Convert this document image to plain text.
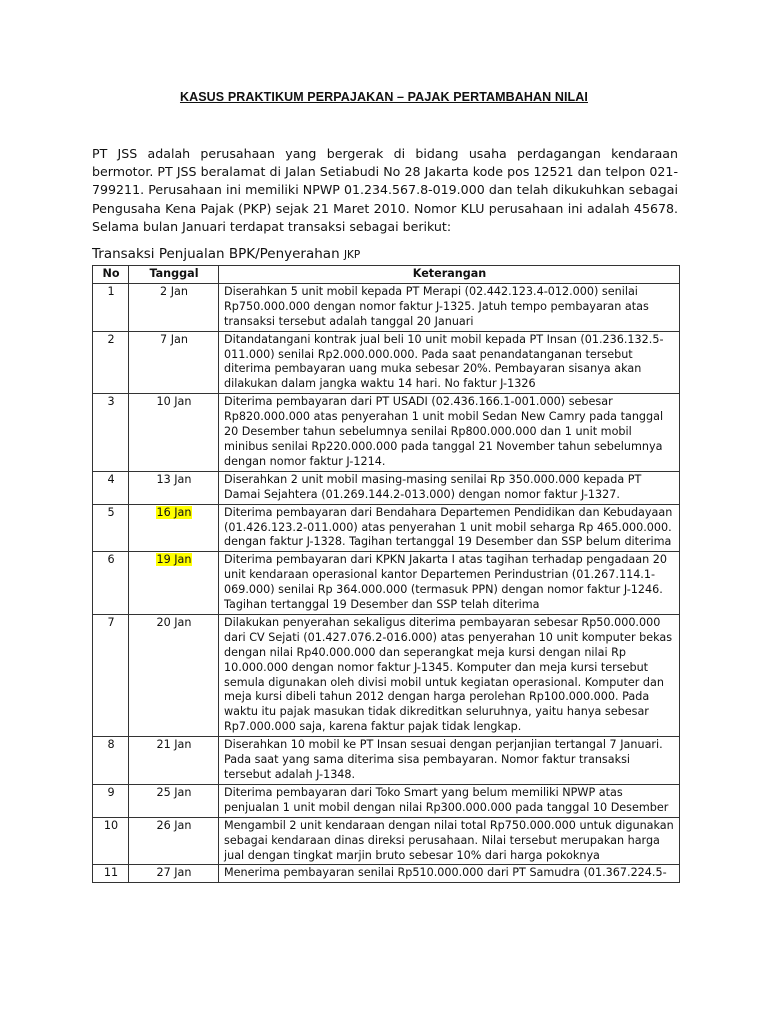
KASUS PRAKTIKUM PERPAJAKAN – PAJAK PERTAMBAHAN NILAI

PT JSS adalah perusahaan yang bergerak di bidang usaha perdagangan kendaraan bermotor. PT JSS beralamat di Jalan Setiabudi No 28 Jakarta kode pos 12521 dan telpon 021-799211. Perusahaan ini memiliki NPWP 01.234.567.8-019.000 dan telah dikukuhkan sebagai Pengusaha Kena Pajak (PKP) sejak 21 Maret 2010. Nomor KLU perusahaan ini adalah 45678. Selama bulan Januari terdapat transaksi sebagai berikut:

Transaksi Penjualan BPK/Penyerahan JKP
No	Tanggal	Keterangan
1	2 Jan	Diserahkan 5 unit mobil kepada PT Merapi (02.442.123.4-012.000) senilai Rp750.000.000 dengan nomor faktur J-1325. Jatuh tempo pembayaran atas transaksi tersebut adalah tanggal 20 Januari
2	7 Jan	Ditandatangani kontrak jual beli 10 unit mobil kepada PT Insan (01.236.132.5-011.000) senilai Rp2.000.000.000. Pada saat penandatanganan tersebut diterima pembayaran uang muka sebesar 20%. Pembayaran sisanya akan dilakukan dalam jangka waktu 14 hari. No faktur J-1326
3	10 Jan	Diterima pembayaran dari PT USADI (02.436.166.1-001.000) sebesar Rp820.000.000 atas penyerahan 1 unit mobil Sedan New Camry pada tanggal 20 Desember tahun sebelumnya senilai Rp800.000.000 dan 1 unit mobil minibus senilai Rp220.000.000 pada tanggal 21 November tahun sebelumnya dengan nomor faktur J-1214.
4	13 Jan	Diserahkan 2 unit mobil masing-masing senilai Rp 350.000.000 kepada PT Damai Sejahtera (01.269.144.2-013.000) dengan nomor faktur J-1327.
5	16 Jan	Diterima pembayaran dari Bendahara Departemen Pendidikan dan Kebudayaan (01.426.123.2-011.000) atas penyerahan 1 unit mobil seharga Rp 465.000.000. dengan faktur J-1328. Tagihan tertanggal 19 Desember dan SSP belum diterima
6	19 Jan	Diterima pembayaran dari KPKN Jakarta I atas tagihan terhadap pengadaan 20 unit kendaraan operasional kantor Departemen Perindustrian (01.267.114.1-069.000) senilai Rp 364.000.000 (termasuk PPN) dengan nomor faktur J-1246. Tagihan tertanggal 19 Desember dan SSP telah diterima
7	20 Jan	Dilakukan penyerahan sekaligus diterima pembayaran sebesar Rp50.000.000 dari CV Sejati (01.427.076.2-016.000) atas penyerahan 10 unit komputer bekas dengan nilai Rp40.000.000 dan seperangkat meja kursi dengan nilai Rp 10.000.000 dengan nomor faktur J-1345. Komputer dan meja kursi tersebut semula digunakan oleh divisi mobil untuk kegiatan operasional. Komputer dan meja kursi dibeli tahun 2012 dengan harga perolehan Rp100.000.000. Pada waktu itu pajak masukan tidak dikreditkan seluruhnya, yaitu hanya sebesar Rp7.000.000 saja, karena faktur pajak tidak lengkap.
8	21 Jan	Diserahkan 10 mobil ke PT Insan sesuai dengan perjanjian tertangal 7 Januari. Pada saat yang sama diterima sisa pembayaran. Nomor faktur transaksi tersebut adalah J-1348.
9	25 Jan	Diterima pembayaran dari Toko Smart yang belum memiliki NPWP atas penjualan 1 unit mobil dengan nilai Rp300.000.000 pada tanggal 10 Desember
10	26 Jan	Mengambil 2 unit kendaraan dengan nilai total Rp750.000.000 untuk digunakan sebagai kendaraan dinas direksi perusahaan. Nilai tersebut merupakan harga jual dengan tingkat marjin bruto sebesar 10% dari harga pokoknya
11	27 Jan	Menerima pembayaran senilai Rp510.000.000 dari PT Samudra (01.367.224.5-
